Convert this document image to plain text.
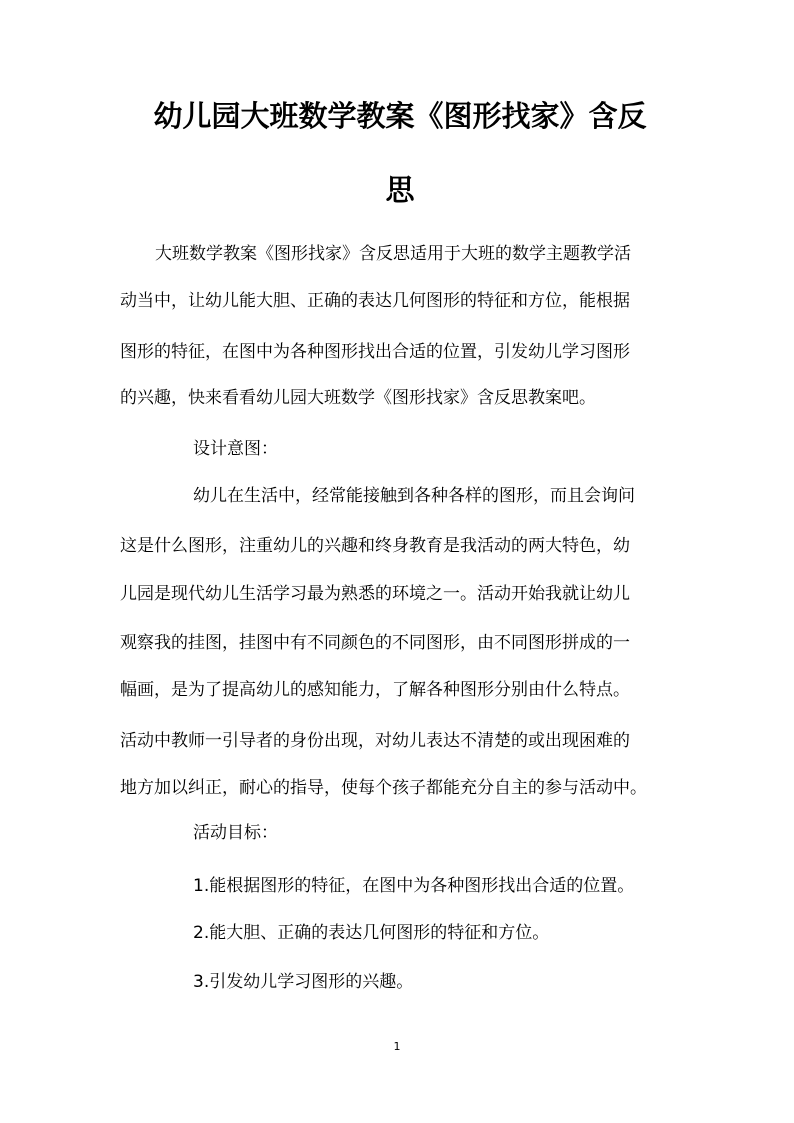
幼儿园大班数学教案《图形找家》含反
思

大班数学教案《图形找家》含反思适用于大班的数学主题教学活

动当中，让幼儿能大胆、正确的表达几何图形的特征和方位，能根据

图形的特征，在图中为各种图形找出合适的位置，引发幼儿学习图形

的兴趣，快来看看幼儿园大班数学《图形找家》含反思教案吧。

设计意图：

幼儿在生活中，经常能接触到各种各样的图形，而且会询问

这是什么图形，注重幼儿的兴趣和终身教育是我活动的两大特色，幼

儿园是现代幼儿生活学习最为熟悉的环境之一。活动开始我就让幼儿

观察我的挂图，挂图中有不同颜色的不同图形，由不同图形拼成的一

幅画，是为了提高幼儿的感知能力，了解各种图形分别由什么特点。

活动中教师一引导者的身份出现，对幼儿表达不清楚的或出现困难的

地方加以纠正，耐心的指导，使每个孩子都能充分自主的参与活动中。

活动目标：

1.能根据图形的特征，在图中为各种图形找出合适的位置。

2.能大胆、正确的表达几何图形的特征和方位。

3.引发幼儿学习图形的兴趣。

1
